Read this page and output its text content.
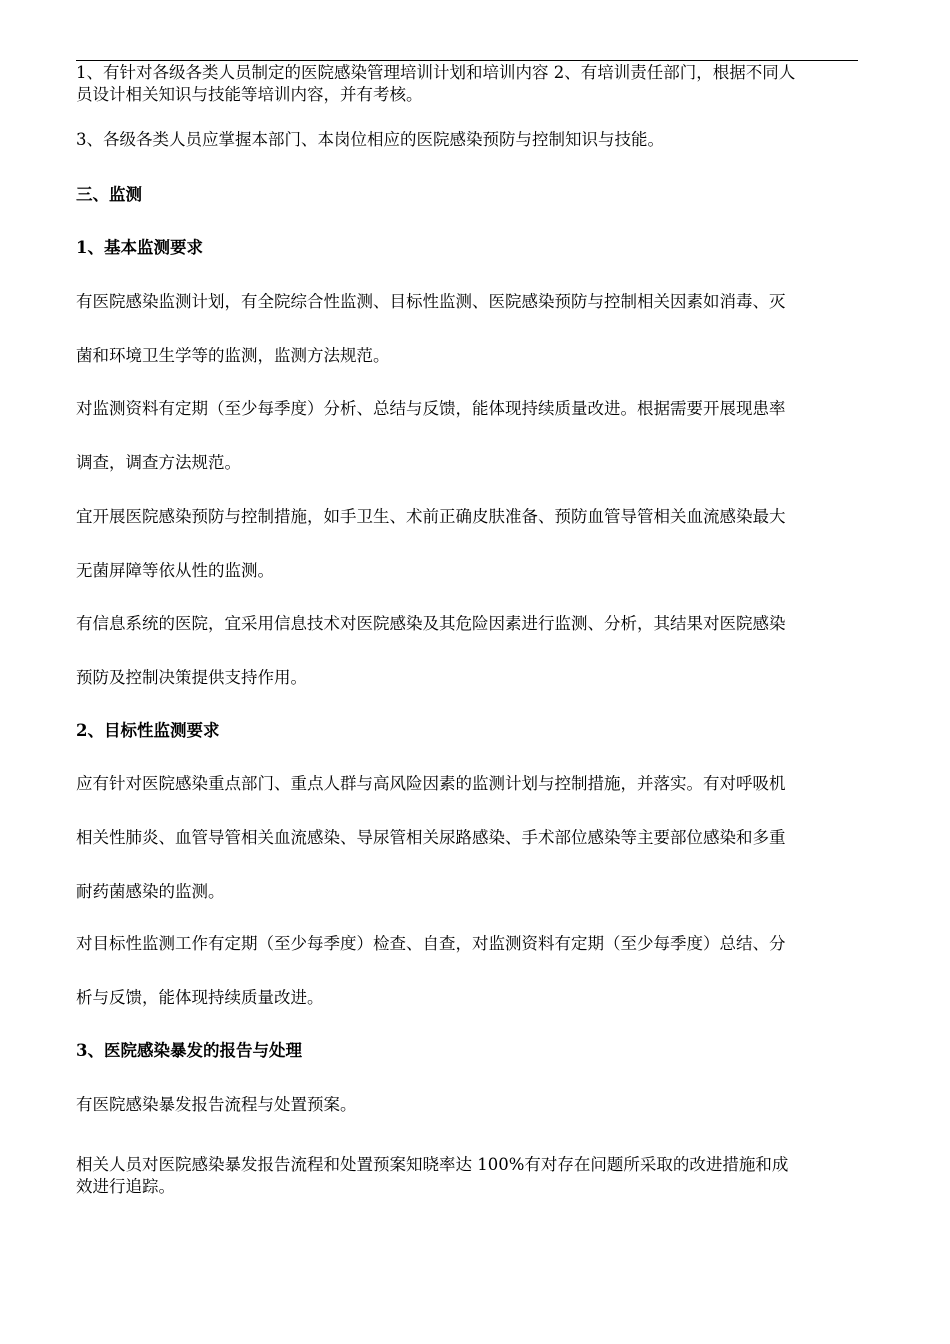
1、有针对各级各类人员制定的医院感染管理培训计划和培训内容 2、有培训责任部门，根据不同人
员设计相关知识与技能等培训内容，并有考核。
3、各级各类人员应掌握本部门、本岗位相应的医院感染预防与控制知识与技能。
三、监测
1、基本监测要求
有医院感染监测计划，有全院综合性监测、目标性监测、医院感染预防与控制相关因素如消毒、灭
菌和环境卫生学等的监测，监测方法规范。
对监测资料有定期（至少每季度）分析、总结与反馈，能体现持续质量改进。根据需要开展现患率
调查，调查方法规范。
宜开展医院感染预防与控制措施，如手卫生、术前正确皮肤准备、预防血管导管相关血流感染最大
无菌屏障等依从性的监测。
有信息系统的医院，宜采用信息技术对医院感染及其危险因素进行监测、分析，其结果对医院感染
预防及控制决策提供支持作用。
2、目标性监测要求
应有针对医院感染重点部门、重点人群与高风险因素的监测计划与控制措施，并落实。有对呼吸机
相关性肺炎、血管导管相关血流感染、导尿管相关尿路感染、手术部位感染等主要部位感染和多重
耐药菌感染的监测。
对目标性监测工作有定期（至少每季度）检查、自查，对监测资料有定期（至少每季度）总结、分
析与反馈，能体现持续质量改进。
3、医院感染暴发的报告与处理
有医院感染暴发报告流程与处置预案。
相关人员对医院感染暴发报告流程和处置预案知晓率达 100%有对存在问题所采取的改进措施和成
效进行追踪。
